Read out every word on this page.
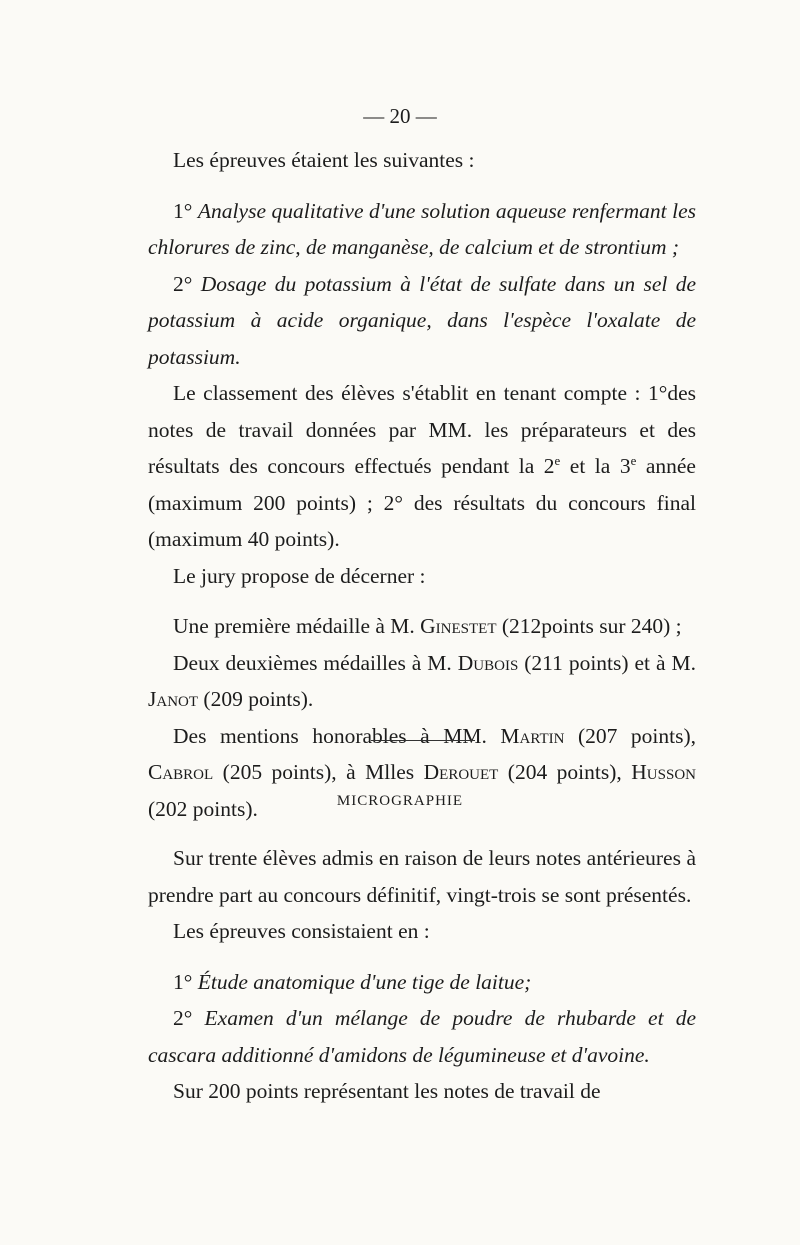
— 20 —

Les épreuves étaient les suivantes :

1° Analyse qualitative d'une solution aqueuse renfermant les chlorures de zinc, de manganèse, de calcium et de strontium ;

2° Dosage du potassium à l'état de sulfate dans un sel de potassium à acide organique, dans l'espèce l'oxalate de potassium.

Le classement des élèves s'établit en tenant compte : 1°des notes de travail données par MM. les préparateurs et des résultats des concours effectués pendant la 2e et la 3e année (maximum 200 points) ; 2° des résultats du concours final (maximum 40 points).

Le jury propose de décerner :

Une première médaille à M. Ginestet (212points sur 240) ;

Deux deuxièmes médailles à M. Dubois (211 points) et à M. Janot (209 points).

Des mentions honorables à MM. Martin (207 points), Cabrol (205 points), à Mlles Derouet (204 points), Husson (202 points).	MICROGRAPHIE

Sur trente élèves admis en raison de leurs notes antérieures à prendre part au concours définitif, vingt-trois se sont présentés.

Les épreuves consistaient en :

1° Étude anatomique d'une tige de laitue;

2° Examen d'un mélange de poudre de rhubarde et de cascara additionné d'amidons de légumineuse et d'avoine.

Sur 200 points représentant les notes de travail de
